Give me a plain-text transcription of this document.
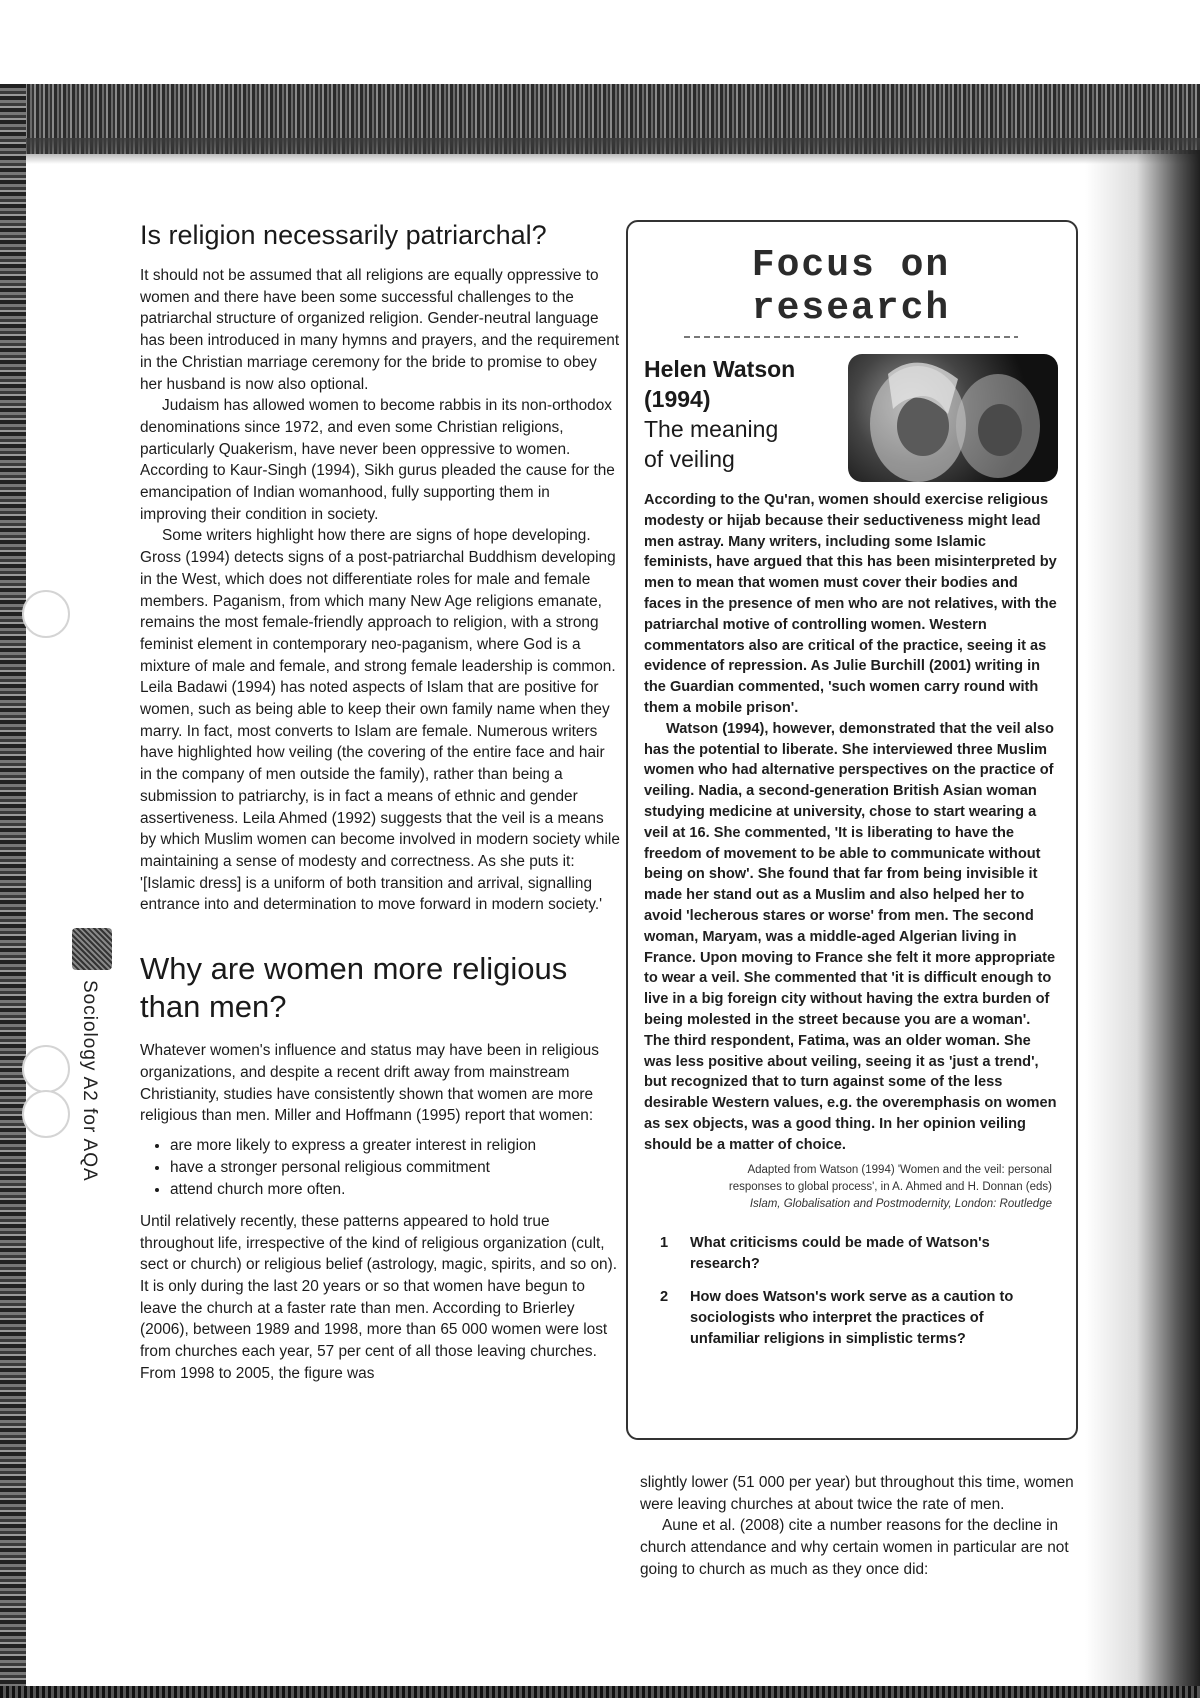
Sociology A2 for AQA
Is religion necessarily patriarchal?

It should not be assumed that all religions are equally oppressive to women and there have been some successful challenges to the patriarchal structure of organized religion. Gender-neutral language has been introduced in many hymns and prayers, and the requirement in the Christian marriage ceremony for the bride to promise to obey her husband is now also optional.

Judaism has allowed women to become rabbis in its non-orthodox denominations since 1972, and even some Christian religions, particularly Quakerism, have never been oppressive to women. According to Kaur-Singh (1994), Sikh gurus pleaded the cause for the emancipation of Indian womanhood, fully supporting them in improving their condition in society.

Some writers highlight how there are signs of hope developing. Gross (1994) detects signs of a post-patriarchal Buddhism developing in the West, which does not differentiate roles for male and female members. Paganism, from which many New Age religions emanate, remains the most female-friendly approach to religion, with a strong feminist element in contemporary neo-paganism, where God is a mixture of male and female, and strong female leadership is common. Leila Badawi (1994) has noted aspects of Islam that are positive for women, such as being able to keep their own family name when they marry. In fact, most converts to Islam are female. Numerous writers have highlighted how veiling (the covering of the entire face and hair in the company of men outside the family), rather than being a submission to patriarchy, is in fact a means of ethnic and gender assertiveness. Leila Ahmed (1992) suggests that the veil is a means by which Muslim women can become involved in modern society while maintaining a sense of modesty and correctness. As she puts it: '[Islamic dress] is a uniform of both transition and arrival, signalling entrance into and determination to move forward in modern society.'

Why are women more religious than men?

Whatever women's influence and status may have been in religious organizations, and despite a recent drift away from mainstream Christianity, studies have consistently shown that women are more religious than men. Miller and Hoffmann (1995) report that women:

• are more likely to express a greater interest in religion
• have a stronger personal religious commitment
• attend church more often.

Until relatively recently, these patterns appeared to hold true throughout life, irrespective of the kind of religious organization (cult, sect or church) or religious belief (astrology, magic, spirits, and so on). It is only during the last 20 years or so that women have begun to leave the church at a faster rate than men. According to Brierley (2006), between 1989 and 1998, more than 65 000 women were lost from churches each year, 57 per cent of all those leaving churches. From 1998 to 2005, the figure was

Focus on research
Helen Watson
(1994)
The meaning
of veiling

According to the Qu'ran, women should exercise religious modesty or hijab because their seductiveness might lead men astray. Many writers, including some Islamic feminists, have argued that this has been misinterpreted by men to mean that women must cover their bodies and faces in the presence of men who are not relatives, with the patriarchal motive of controlling women. Western commentators also are critical of the practice, seeing it as evidence of repression. As Julie Burchill (2001) writing in the Guardian commented, 'such women carry round with them a mobile prison'.

Watson (1994), however, demonstrated that the veil also has the potential to liberate. She interviewed three Muslim women who had alternative perspectives on the practice of veiling. Nadia, a second-generation British Asian woman studying medicine at university, chose to start wearing a veil at 16. She commented, 'It is liberating to have the freedom of movement to be able to communicate without being on show'. She found that far from being invisible it made her stand out as a Muslim and also helped her to avoid 'lecherous stares or worse' from men. The second woman, Maryam, was a middle-aged Algerian living in France. Upon moving to France she felt it more appropriate to wear a veil. She commented that 'it is difficult enough to live in a big foreign city without having the extra burden of being molested in the street because you are a woman'. The third respondent, Fatima, was an older woman. She was less positive about veiling, seeing it as 'just a trend', but recognized that to turn against some of the less desirable Western values, e.g. the overemphasis on women as sex objects, was a good thing. In her opinion veiling should be a matter of choice.

Adapted from Watson (1994) 'Women and the veil: personal
responses to global process', in A. Ahmed and H. Donnan (eds)
Islam, Globalisation and Postmodernity, London: Routledge
1 What criticisms could be made of Watson's research?
2 How does Watson's work serve as a caution to sociologists who interpret the practices of unfamiliar religions in simplistic terms?

slightly lower (51 000 per year) but throughout this time, women were leaving churches at about twice the rate of men.

Aune et al. (2008) cite a number reasons for the decline in church attendance and why certain women in particular are not going to church as much as they once did:
